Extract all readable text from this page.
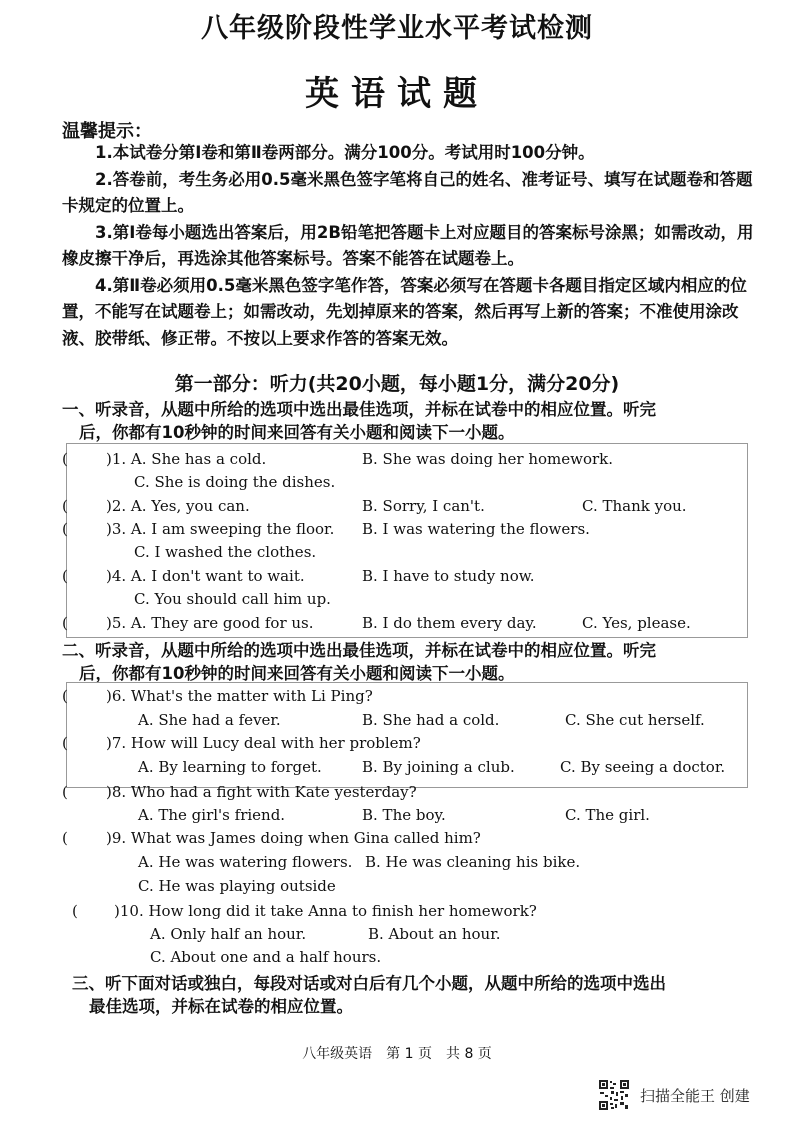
八年级阶段性学业水平考试检测
英语试题
温馨提示：

1.本试卷分第Ⅰ卷和第Ⅱ卷两部分。满分100分。考试用时100分钟。

2.答卷前，考生务必用0.5毫米黑色签字笔将自己的姓名、准考证号、填写在试题卷和答题卡规定的位置上。

3.第Ⅰ卷每小题选出答案后，用2B铅笔把答题卡上对应题目的答案标号涂黑；如需改动，用橡皮擦干净后，再选涂其他答案标号。答案不能答在试题卷上。

4.第Ⅱ卷必须用0.5毫米黑色签字笔作答，答案必须写在答题卡各题目指定区域内相应的位置，不能写在试题卷上；如需改动，先划掉原来的答案，然后再写上新的答案；不准使用涂改液、胶带纸、修正带。不按以上要求作答的答案无效。

第一部分：听力(共20小题，每小题1分，满分20分)
一、听录音，从题中所给的选项中选出最佳选项，并标在试卷中的相应位置。听完
后，你都有10秒钟的时间来回答有关小题和阅读下一小题。
(	)1. A. She has a cold.	B. She was doing her homework.
C. She is doing the dishes.
(	)2. A. Yes, you can.	B. Sorry, I can't.	C. Thank you.
(	)3. A. I am sweeping the floor. B. I was watering the flowers.
C. I washed the clothes.
(	)4. A. I don't want to wait.	B. I have to study now.
C. You should call him up.
(	)5. A. They are good for us.	B. I do them every day.	C. Yes, please.
二、听录音，从题中所给的选项中选出最佳选项，并标在试卷中的相应位置。听完
后，你都有10秒钟的时间来回答有关小题和阅读下一小题。
(	)6. What's the matter with Li Ping?
A. She had a fever.	B. She had a cold.	C. She cut herself.
(	)7. How will Lucy deal with her problem?
A. By learning to forget.	B. By joining a club.	C. By seeing a doctor.
(	)8. Who had a fight with Kate yesterday?
A. The girl's friend.	B. The boy.	C. The girl.
(	)9. What was James doing when Gina called him?
A. He was watering flowers. B. He was cleaning his bike.
C. He was playing outside
( )10. How long did it take Anna to finish her homework?
A. Only half an hour.	B. About an hour.
C. About one and a half hours.
三、听下面对话或独白，每段对话或对白后有几个小题，从题中所给的选项中选出
最佳选项，并标在试卷的相应位置。
八年级英语　第 1 页　共 8 页
扫描全能王 创建
